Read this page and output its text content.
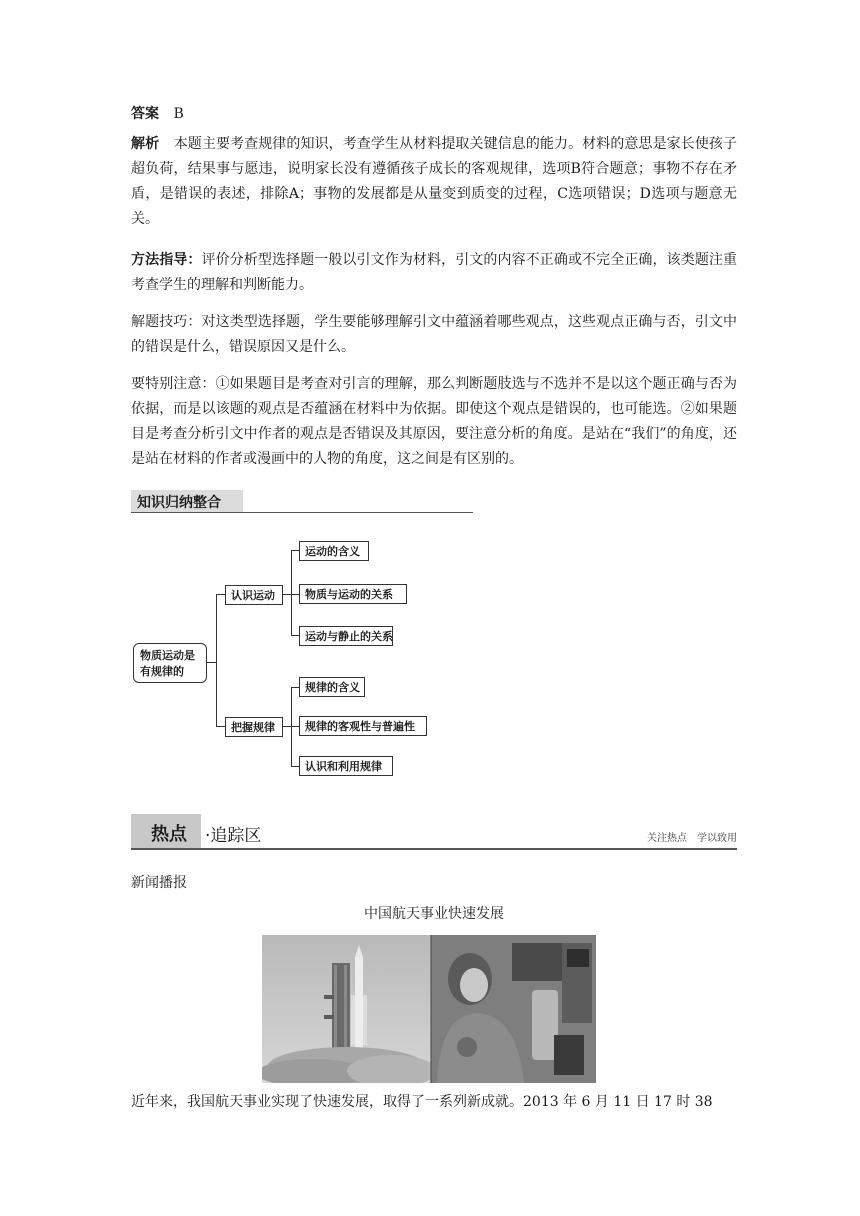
答案 B

解析 本题主要考查规律的知识，考查学生从材料提取关键信息的能力。材料的意思是家长使孩子超负荷，结果事与愿违，说明家长没有遵循孩子成长的客观规律，选项B符合题意；事物不存在矛盾，是错误的表述，排除A；事物的发展都是从量变到质变的过程，C选项错误；D选项与题意无关。

方法指导：评价分析型选择题一般以引文作为材料，引文的内容不正确或不完全正确，该类题注重考查学生的理解和判断能力。

解题技巧：对这类型选择题，学生要能够理解引文中蕴涵着哪些观点，这些观点正确与否，引文中的错误是什么，错误原因又是什么。

要特别注意：①如果题目是考查对引言的理解，那么判断题肢选与不选并不是以这个题正确与否为依据，而是以该题的观点是否蕴涵在材料中为依据。即使这个观点是错误的，也可能选。②如果题目是考查分析引文中作者的观点是否错误及其原因，要注意分析的角度。是站在“我们”的角度，还是站在材料的作者或漫画中的人物的角度，这之间是有区别的。

知识归纳整合
物质运动是有规律的
认识运动
运动的含义
物质与运动的关系
运动与静止的关系
把握规律
规律的含义
规律的客观性与普遍性
认识和利用规律
热点 ·追踪区	关注热点　学以致用
新闻播报
中国航天事业快速发展

近年来，我国航天事业实现了快速发展，取得了一系列新成就。2013 年 6 月 11 日 17 时 38
